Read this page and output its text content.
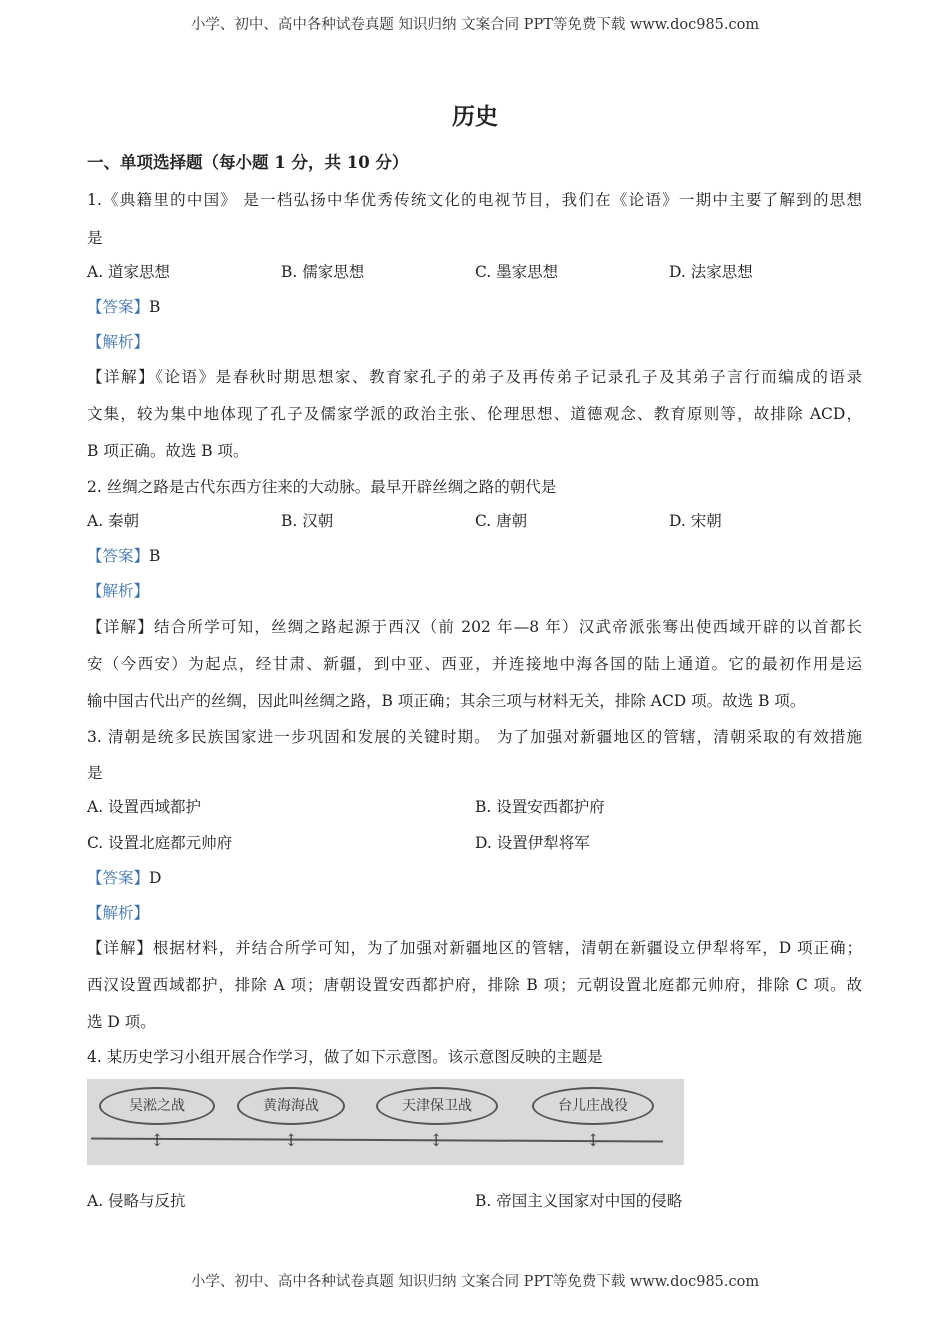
小学、初中、高中各种试卷真题 知识归纳 文案合同 PPT等免费下载 www.doc985.com
历史
一、单项选择题（每小题 1 分，共 10 分）
1.《典籍里的中国》 是一档弘扬中华优秀传统文化的电视节目，我们在《论语》一期中主要了解到的思想
是
A. 道家思想	B. 儒家思想	C. 墨家思想	D. 法家思想
【答案】B
【解析】
【详解】《论语》是春秋时期思想家、教育家孔子的弟子及再传弟子记录孔子及其弟子言行而编成的语录
文集，较为集中地体现了孔子及儒家学派的政治主张、伦理思想、道德观念、教育原则等，故排除 ACD，
B 项正确。故选 B 项。
2. 丝绸之路是古代东西方往来的大动脉。最早开辟丝绸之路的朝代是
A. 秦朝	B. 汉朝	C. 唐朝	D. 宋朝
【答案】B
【解析】
【详解】结合所学可知，丝绸之路起源于西汉（前 202 年—8 年）汉武帝派张骞出使西域开辟的以首都长
安（今西安）为起点，经甘肃、新疆，到中亚、西亚，并连接地中海各国的陆上通道。它的最初作用是运
输中国古代出产的丝绸，因此叫丝绸之路，B 项正确；其余三项与材料无关，排除 ACD 项。故选 B 项。
3. 清朝是统多民族国家进一步巩固和发展的关键时期。 为了加强对新疆地区的管辖，清朝采取的有效措施
是
A. 设置西域都护	B. 设置安西都护府
C. 设置北庭都元帅府	D. 设置伊犁将军
【答案】D
【解析】
【详解】根据材料，并结合所学可知，为了加强对新疆地区的管辖，清朝在新疆设立伊犁将军，D 项正确；
西汉设置西域都护，排除 A 项；唐朝设置安西都护府，排除 B 项；元朝设置北庭都元帅府，排除 C 项。故
选 D 项。
4. 某历史学习小组开展合作学习，做了如下示意图。该示意图反映的主题是
吴淞之战	黄海海战	天津保卫战	台儿庄战役
↕	↕	↕	↕
A. 侵略与反抗	B. 帝国主义国家对中国的侵略
小学、初中、高中各种试卷真题 知识归纳 文案合同 PPT等免费下载 www.doc985.com
